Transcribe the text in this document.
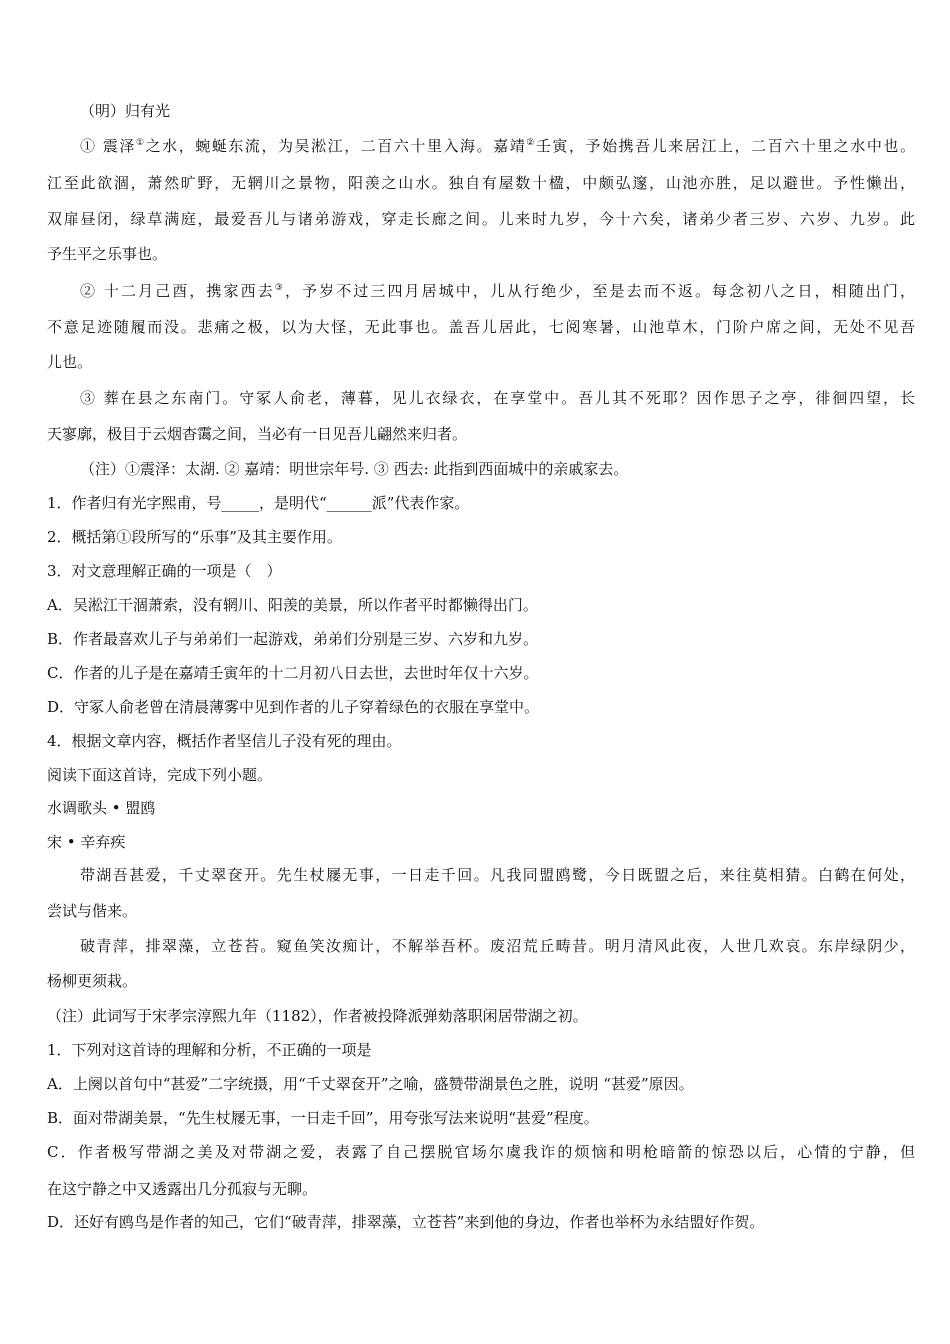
（明）归有光
① 震泽①之水，蜿蜒东流，为吴淞江，二百六十里入海。嘉靖②壬寅，予始携吾儿来居江上，二百六十里之水中也。
江至此欲涸，萧然旷野，无辋川之景物，阳羡之山水。独自有屋数十楹，中颇弘邃，山池亦胜，足以避世。予性懒出，
双扉昼闭，绿草满庭，最爱吾儿与诸弟游戏，穿走长廊之间。儿来时九岁，今十六矣，诸弟少者三岁、六岁、九岁。此
予生平之乐事也。
② 十二月己酉，携家西去③，予岁不过三四月居城中，儿从行绝少，至是去而不返。每念初八之日，相随出门，
不意足迹随履而没。悲痛之极，以为大怪，无此事也。盖吾儿居此，七阅寒暑，山池草木，门阶户席之间，无处不见吾
儿也。
③ 葬在县之东南门。守冢人俞老，薄暮，见儿衣绿衣，在享堂中。吾儿其不死耶？因作思子之亭，徘徊四望，长
天寥廓，极目于云烟杳霭之间，当必有一日见吾儿翩然来归者。
（注）①震泽：太湖. ② 嘉靖：明世宗年号. ③ 西去: 此指到西面城中的亲戚家去。
1．作者归有光字熙甫，号_____，是明代“______派”代表作家。
2．概括第①段所写的“乐事”及其主要作用。
3．对文意理解正确的一项是（　）
A．吴淞江干涸萧索，没有辋川、阳羡的美景，所以作者平时都懒得出门。
B．作者最喜欢儿子与弟弟们一起游戏，弟弟们分别是三岁、六岁和九岁。
C．作者的儿子是在嘉靖壬寅年的十二月初八日去世，去世时年仅十六岁。
D．守冢人俞老曾在清晨薄雾中见到作者的儿子穿着绿色的衣服在享堂中。
4．根据文章内容，概括作者坚信儿子没有死的理由。
阅读下面这首诗，完成下列小题。
水调歌头 • 盟鸥
宋 • 辛弃疾
带湖吾甚爱，千丈翠奁开。先生杖屦无事，一日走千回。凡我同盟鸥鹭，今日既盟之后，来往莫相猜。白鹤在何处，
尝试与偕来。
破青萍，排翠藻，立苍苔。窥鱼笑汝痴计，不解举吾杯。废沼荒丘畴昔。明月清风此夜，人世几欢哀。东岸绿阴少，
杨柳更须栽。
（注）此词写于宋孝宗淳熙九年（1182），作者被投降派弹劾落职闲居带湖之初。
1．下列对这首诗的理解和分析，不正确的一项是
A．上阕以首句中“甚爱”二字统摄，用“千丈翠奁开”之喻，盛赞带湖景色之胜，说明 “甚爱”原因。
B．面对带湖美景，“先生杖屦无事，一日走千回”，用夸张写法来说明“甚爱”程度。
C．作者极写带湖之美及对带湖之爱，表露了自己摆脱官场尔虞我诈的烦恼和明枪暗箭的惊恐以后，心情的宁静，但
在这宁静之中又透露出几分孤寂与无聊。
D．还好有鸥鸟是作者的知己，它们“破青萍，排翠藻，立苍苔”来到他的身边，作者也举杯为永结盟好作贺。
